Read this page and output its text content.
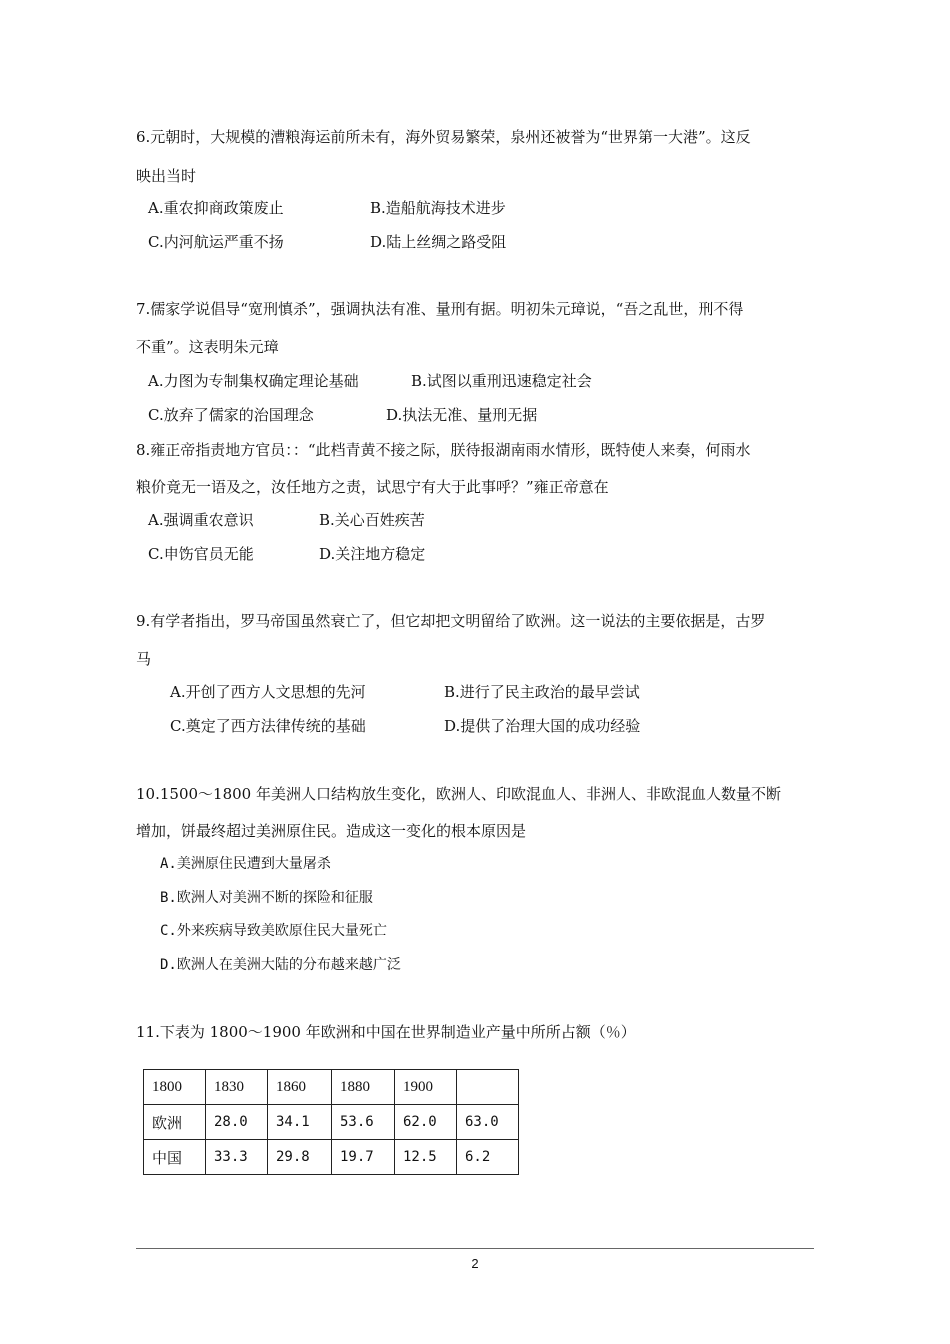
6.元朝时，大规模的漕粮海运前所未有，海外贸易繁荣，泉州还被誉为“世界第一大港”。这反
映出当时
A.重农抑商政策废止	B.造船航海技术进步
C.内河航运严重不扬	D.陆上丝绸之路受阻
7.儒家学说倡导“宽刑慎杀”，强调执法有准、量刑有据。明初朱元璋说，“吾之乱世，刑不得
不重”。这表明朱元璋
A.力图为专制集权确定理论基础	B.试图以重刑迅速稳定社会
C.放弃了儒家的治国理念	D.执法无准、量刑无据
8.雍正帝指责地方官员：：“此档青黄不接之际，朕待报湖南雨水情形，既特使人来奏，何雨水
粮价竟无一语及之，汝任地方之责，试思宁有大于此事呼？”雍正帝意在
A.强调重农意识	B.关心百姓疾苦
C.申饬官员无能	D.关注地方稳定
9.有学者指出，罗马帝国虽然衰亡了，但它却把文明留给了欧洲。这一说法的主要依据是，古罗
马
A.开创了西方人文思想的先河	B.进行了民主政治的最早尝试
C.奠定了西方法律传统的基础	D.提供了治理大国的成功经验
10.1500～1800 年美洲人口结构放生变化，欧洲人、印欧混血人、非洲人、非欧混血人数量不断
增加，饼最终超过美洲原住民。造成这一变化的根本原因是
A.美洲原住民遭到大量屠杀
B.欧洲人对美洲不断的探险和征服
C.外来疾病导致美欧原住民大量死亡
D.欧洲人在美洲大陆的分布越来越广泛
11.下表为 1800～1900 年欧洲和中国在世界制造业产量中所所占额（％）
1800	1830	1860	1880	1900	
欧洲	28.0	34.1	53.6	62.0	63.0
中国	33.3	29.8	19.7	12.5	6.2
2
